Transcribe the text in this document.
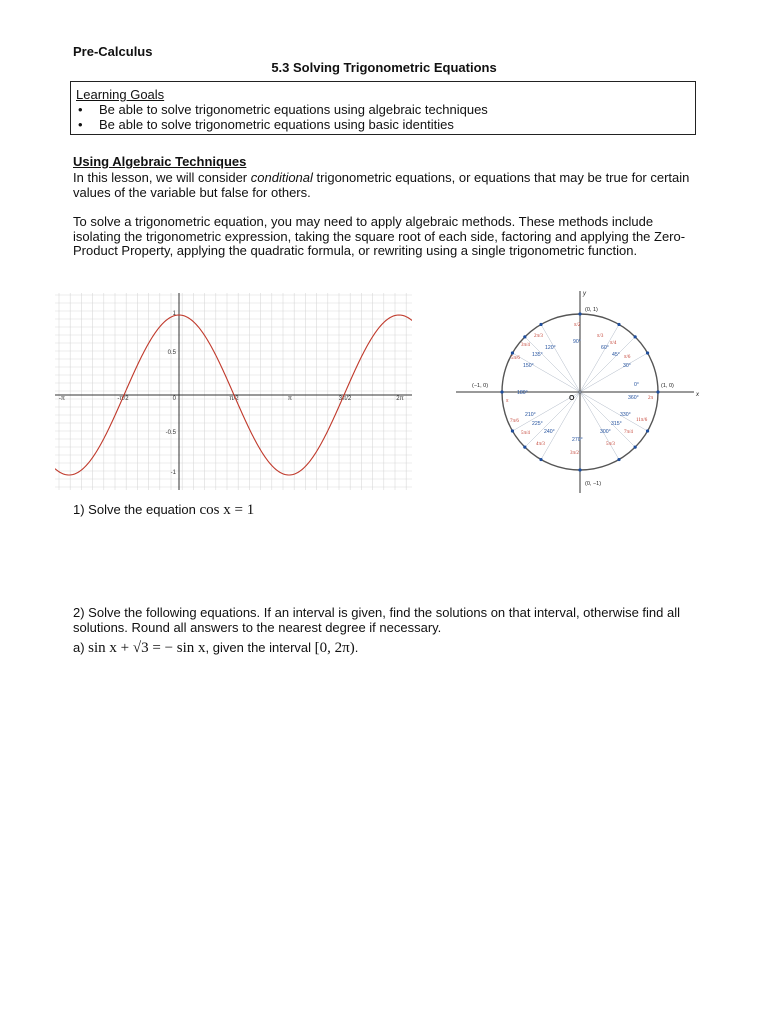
Pre-Calculus
5.3 Solving Trigonometric Equations
Learning Goals
• Be able to solve trigonometric equations using algebraic techniques
• Be able to solve trigonometric equations using basic identities
Using Algebraic Techniques
In this lesson, we will consider conditional trigonometric equations, or equations that may be true for certain values of the variable but false for others.
To solve a trigonometric equation, you may need to apply algebraic methods. These methods include isolating the trigonometric expression, taking the square root of each side, factoring and applying the Zero-Product Property, applying the quadratic formula, or rewriting using a single trigonometric function.
-π	-π/2	0	π/2	π	3π/2	2π
1
0.5
-0.5
-1
x
y
O
(0, 1)
(0, −1)
(−1, 0)	(1, 0)
0°
30°
45°
60°
90°
120°
135°
150°
180°
210°
225°
240°
270°
300°
315°
330°
360°
π/6
π/4
π/3
π/2
2π/3
3π/4
5π/6
π
7π/6
5π/4
4π/3
3π/2
5π/3
7π/4
11π/6
2π
1) Solve the equation cos x = 1
2) Solve the following equations. If an interval is given, find the solutions on that interval, otherwise find all solutions. Round all answers to the nearest degree if necessary.
a) sin x + √3 = − sin x, given the interval [0, 2π).
